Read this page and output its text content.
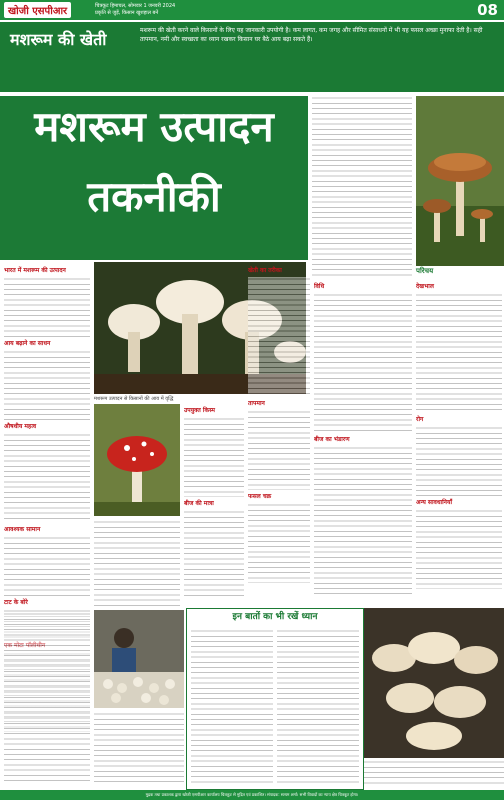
खोजी एसपीआर	चित्रकूट हिमाचल, सोमवार 1 जनवरी 2024
प्रकृति से जुड़ें, किसान खुशहाल बनें	08
मशरूम की खेती	मशरूम की खेती करने वाले किसानों के लिए यह जानकारी उपयोगी है। कम लागत, कम जगह और सीमित संसाधनों में भी यह फसल अच्छा मुनाफा देती है। सही तापमान, नमी और स्वच्छता का ध्यान रखकर किसान घर बैठे आय बढ़ा सकते हैं।
मशरूम उत्पादन
तकनीकी
परिचय
भारत में मशरूम की उत्पादन
आय बढ़ाने का साधन
औषधीय महत्व
आवश्यक सामान
टाट के बोरे
एक मोटा पॉलीथीन
मशरूम उत्पादन से किसानों की आय में वृद्धि
उपयुक्त किस्म
बीज की मात्रा
खेती का तरीका
तापमान
फसल चक्र
विधि
बीज का भंडारण
देखभाल
रोग
अन्य सावधानियाँ
इन बातों का भी रखें ध्यान
मुद्रक तथा प्रकाशक द्वारा खोजी एसपीआर कार्यालय चित्रकूट से मुद्रित एवं प्रकाशित। संपादक: सत्यम शर्मा। सभी विवादों का न्याय क्षेत्र चित्रकूट होगा।
